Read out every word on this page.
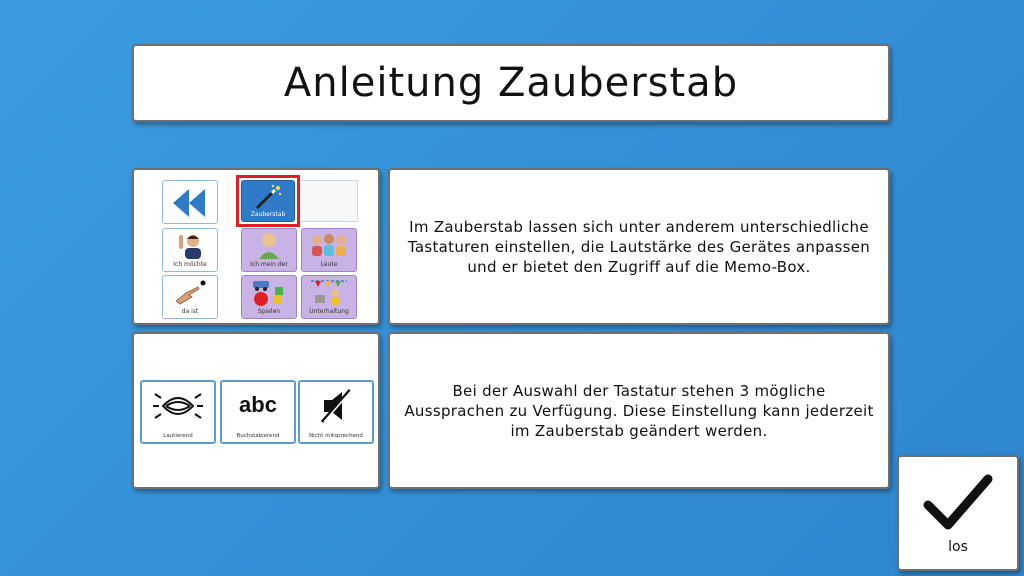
Anleitung Zauberstab
Zauberstab
Ich möchte	Ich mein der	Leute
da ist	Spielen	Unterhaltung
Im Zauberstab lassen sich unter anderem unterschiedliche Tastaturen einstellen, die Lautstärke des Gerätes anpassen und er bietet den Zugriff auf die Memo-Box.
Lautierend
abc
Buchstabierend	Nicht mitsprechend
Bei der Auswahl der Tastatur stehen 3 mögliche Aussprachen zu Verfügung. Diese Einstellung kann jederzeit im Zauberstab geändert werden.
los
